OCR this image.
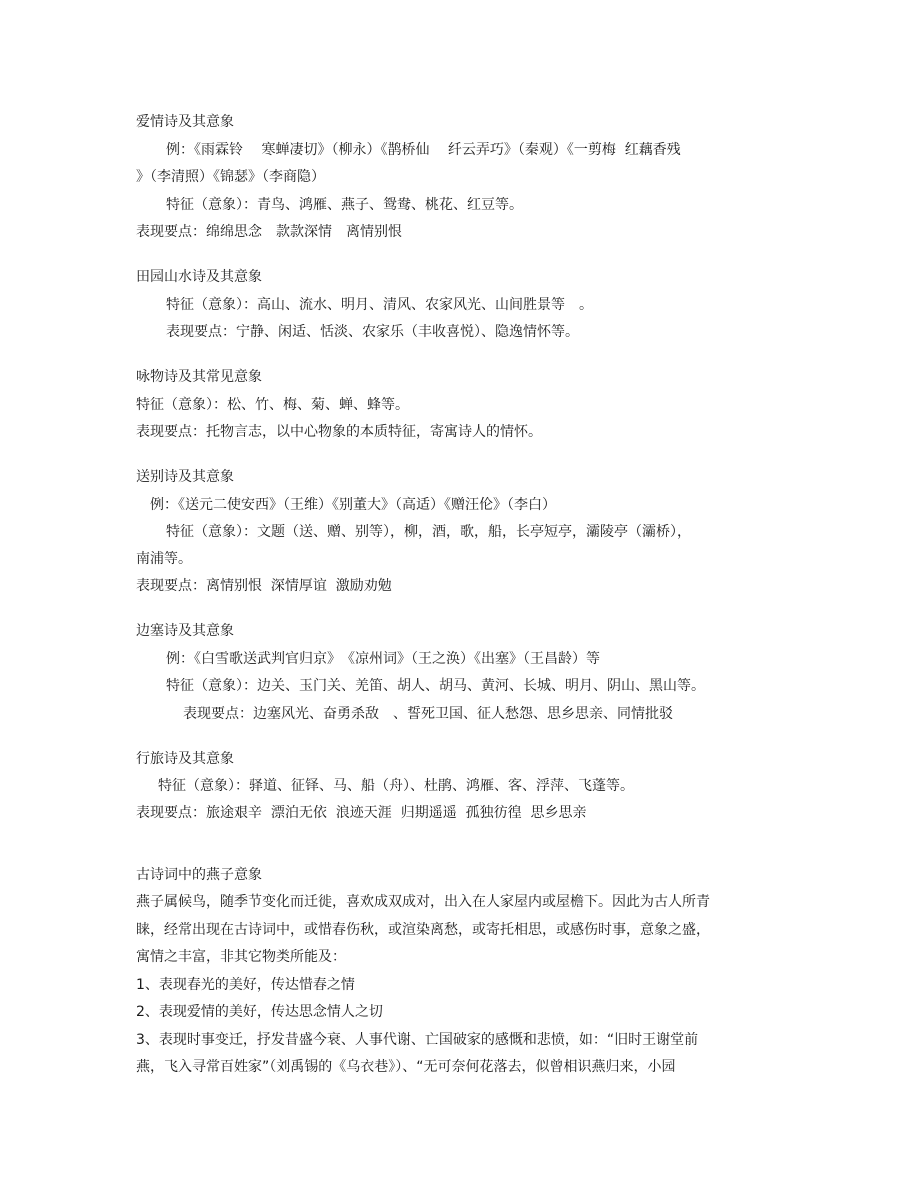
爱情诗及其意象
例：《雨霖铃　 寒蝉凄切》（柳永）《鹊桥仙　 纤云弄巧》（秦观）《一剪梅  红藕香残
》（李清照）《锦瑟》（李商隐）
特征（意象）：青鸟、鸿雁、燕子、鸳鸯、桃花、红豆等。
表现要点：绵绵思念　款款深情　离情别恨
田园山水诗及其意象
特征（意象）：高山、流水、明月、清风、农家风光、山间胜景等　。
表现要点：宁静、闲适、恬淡、农家乐（丰收喜悦）、隐逸情怀等。
咏物诗及其常见意象
特征（意象）：松、竹、梅、菊、蝉、蜂等。
表现要点：托物言志，以中心物象的本质特征，寄寓诗人的情怀。
送别诗及其意象
例：《送元二使安西》（王维）《别董大》（高适）《赠汪伦》（李白）
特征（意象）：文题（送、赠、别等），柳，酒，歌，船，长亭短亭，灞陵亭（灞桥），
南浦等。
表现要点：离情别恨  深情厚谊  激励劝勉
边塞诗及其意象
例：《白雪歌送武判官归京》　《凉州词》（王之涣）《出塞》（王昌龄）等
特征（意象）：边关、玉门关、羌笛、胡人、胡马、黄河、长城、明月、阴山、黑山等。
表现要点：边塞风光、奋勇杀敌　、誓死卫国、征人愁怨、思乡思亲、同情批驳
行旅诗及其意象
特征（意象）：驿道、征铎、马、船（舟）、杜鹃、鸿雁、客、浮萍、飞蓬等。
表现要点：旅途艰辛  漂泊无依  浪迹天涯  归期遥遥  孤独彷徨  思乡思亲
古诗词中的燕子意象
燕子属候鸟，随季节变化而迁徙，喜欢成双成对，出入在人家屋内或屋檐下。因此为古人所青
睐，经常出现在古诗词中，或惜春伤秋，或渲染离愁，或寄托相思，或感伤时事，意象之盛，
寓情之丰富，非其它物类所能及：
1、表现春光的美好，传达惜春之情
2、表现爱情的美好，传达思念情人之切
3、表现时事变迁，抒发昔盛今衰、人事代谢、亡国破家的感慨和悲愤，如：“旧时王谢堂前
燕，飞入寻常百姓家”（刘禹锡的《乌衣巷》）、“无可奈何花落去，似曾相识燕归来，小园
